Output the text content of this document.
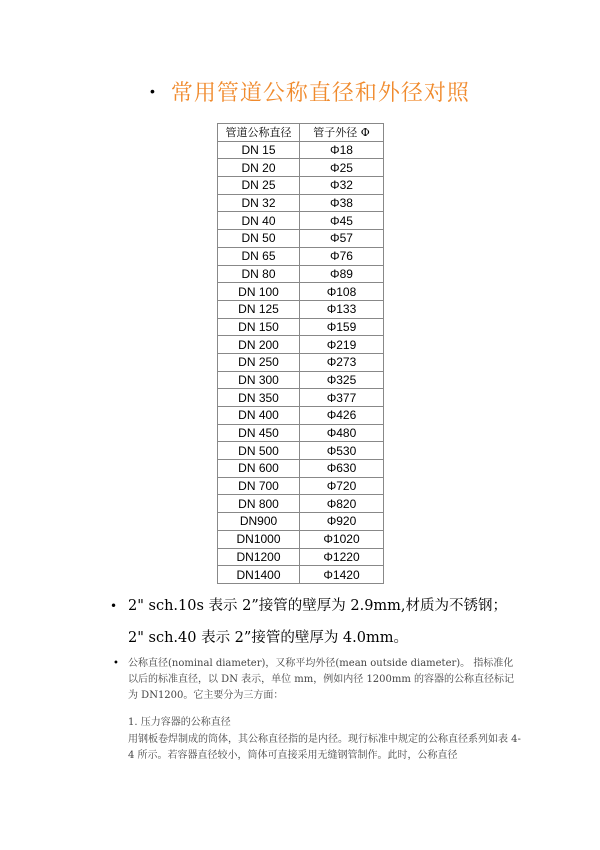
• 常用管道公称直径和外径对照
管道公称直径	管子外径 Φ
DN 15	Φ18
DN 20	Φ25
DN 25	Φ32
DN 32	Φ38
DN 40	Φ45
DN 50	Φ57
DN 65	Φ76
DN 80	Φ89
DN 100	Φ108
DN 125	Φ133
DN 150	Φ159
DN 200	Φ219
DN 250	Φ273
DN 300	Φ325
DN 350	Φ377
DN 400	Φ426
DN 450	Φ480
DN 500	Φ530
DN 600	Φ630
DN 700	Φ720
DN 800	Φ820
DN900	Φ920
DN1000	Φ1020
DN1200	Φ1220
DN1400	Φ1420
• 2" sch.10s 表示 2”接管的壁厚为 2.9mm,材质为不锈钢；
2" sch.40 表示 2”接管的壁厚为 4.0mm。
• 公称直径(nominal diameter)，又称平均外径(mean outside diameter)。 指标准化以后的标准直径，以 DN 表示，单位 mm，例如内径 1200mm 的容器的公称直径标记为 DN1200。它主要分为三方面：
1. 压力容器的公称直径
用钢板卷焊制成的筒体，其公称直径指的是内径。现行标准中规定的公称直径系列如表 4-4 所示。若容器直径较小，筒体可直接采用无缝钢管制作。此时，公称直径
